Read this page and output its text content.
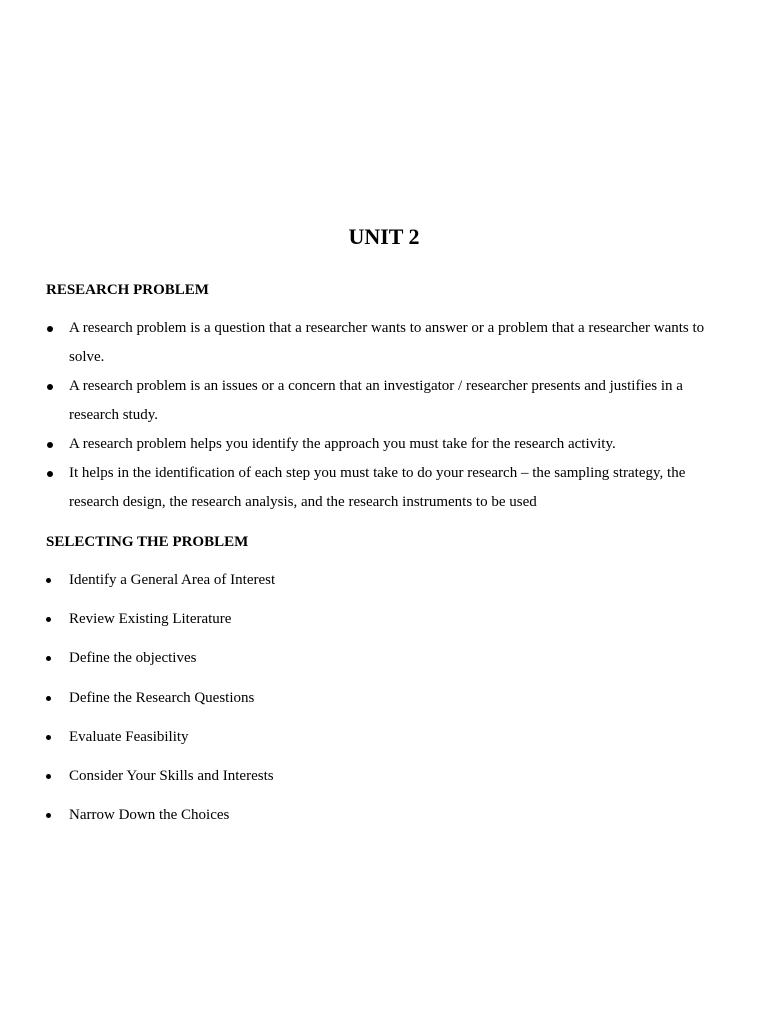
UNIT 2
RESEARCH PROBLEM
A research problem is a question that a researcher wants to answer or a problem that a researcher wants to solve.
A research problem is an issues or a concern that an investigator / researcher presents and justifies in a research study.
A research problem helps you identify the approach you must take for the research activity.
It helps in the identification of each step you must take to do your research – the sampling strategy, the research design, the research analysis, and the research instruments to be used
SELECTING THE PROBLEM
Identify a General Area of Interest
Review Existing Literature
Define the objectives
Define the Research Questions
Evaluate Feasibility
Consider Your Skills and Interests
Narrow Down the Choices
